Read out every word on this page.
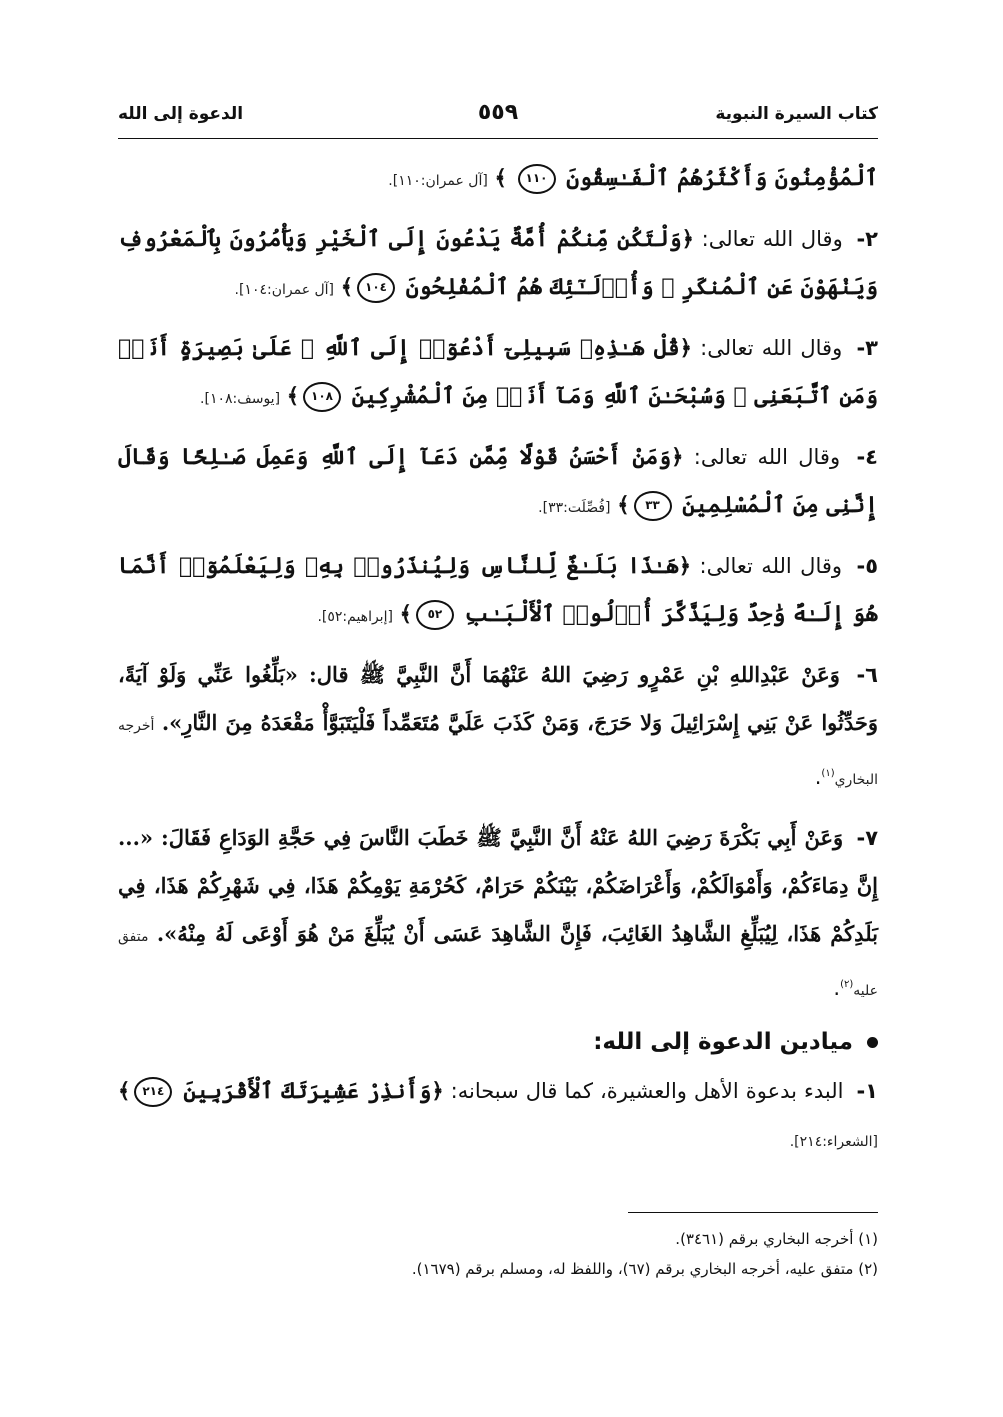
كتاب السيرة النبوية
٥٥٩
الدعوة إلى الله

ٱلْمُؤْمِنُونَ وَأَكْثَرُهُمُ ٱلْفَـٰسِقُونَ ١١٠ ﴾ [آل عمران:١١٠].

٢- وقال الله تعالى: ﴿وَلْتَكُن مِّنكُمْ أُمَّةٌ يَدْعُونَ إِلَى ٱلْخَيْرِ وَيَأْمُرُونَ بِٱلْمَعْرُوفِ وَيَنْهَوْنَ عَنِ ٱلْمُنكَرِ ۚ وَأُو۟لَـٰٓئِكَ هُمُ ٱلْمُفْلِحُونَ ١٠٤﴾ [آل عمران:١٠٤].

٣- وقال الله تعالى: ﴿قُلْ هَـٰذِهِۦ سَبِيلِىٓ أَدْعُوٓا۟ إِلَى ٱللَّهِ ۚ عَلَىٰ بَصِيرَةٍ أَنَا۠ وَمَنِ ٱتَّبَعَنِى ۖ وَسُبْحَـٰنَ ٱللَّهِ وَمَآ أَنَا۠ مِنَ ٱلْمُشْرِكِينَ ١٠٨﴾ [يوسف:١٠٨].

٤- وقال الله تعالى: ﴿وَمَنْ أَحْسَنُ قَوْلًا مِّمَّن دَعَآ إِلَى ٱللَّهِ وَعَمِلَ صَـٰلِحًا وَقَالَ إِنَّنِى مِنَ ٱلْمُسْلِمِينَ ٣٣﴾ [فُصِّلَت:٣٣].

٥- وقال الله تعالى: ﴿هَـٰذَا بَلَـٰغٌ لِّلنَّاسِ وَلِيُنذَرُوا۟ بِهِۦ وَلِيَعْلَمُوٓا۟ أَنَّمَا هُوَ إِلَـٰهٌ وَٰحِدٌ وَلِيَذَّكَّرَ أُو۟لُوا۟ ٱلْأَلْبَـٰبِ ٥٢﴾ [إبراهيم:٥٢].

٦- وَعَنْ عَبْدِاللهِ بْنِ عَمْرٍو رَضِيَ اللهُ عَنْهُمَا أَنَّ النَّبِيَّ ﷺ قال: «بَلِّغُوا عَنِّي وَلَوْ آيَةً، وَحَدِّثُوا عَنْ بَنِي إِسْرَائِيلَ وَلا حَرَجَ، وَمَنْ كَذَبَ عَلَيَّ مُتَعَمِّداً فَلْيَتَبَوَّأْ مَقْعَدَهُ مِنَ النَّارِ». أخرجه البخاري$^{(١)}$.

٧- وَعَنْ أَبِي بَكْرَةَ رَضِيَ اللهُ عَنْهُ أَنَّ النَّبِيَّ ﷺ خَطَبَ النَّاسَ فِي حَجَّةِ الوَدَاعِ فَقَالَ: «... إِنَّ دِمَاءَكُمْ، وَأَمْوَالَكُمْ، وَأَعْرَاضَكُمْ، بَيْنَكُمْ حَرَامٌ، كَحُرْمَةِ يَوْمِكُمْ هَذَا، فِي شَهْرِكُمْ هَذَا، فِي بَلَدِكُمْ هَذَا، لِيُبَلِّغِ الشَّاهِدُ الغَائِبَ، فَإِنَّ الشَّاهِدَ عَسَى أَنْ يُبَلِّغَ مَنْ هُوَ أَوْعَى لَهُ مِنْهُ». متفق عليه$^{(٢)}$.

ميادين الدعوة إلى الله:

١- البدء بدعوة الأهل والعشيرة، كما قال سبحانه: ﴿وَأَنذِرْ عَشِيرَتَكَ ٱلْأَقْرَبِينَ ٢١٤﴾ [الشعراء:٢١٤].

(١) أخرجه البخاري برقم (٣٤٦١).
(٢) متفق عليه، أخرجه البخاري برقم (٦٧)، واللفظ له، ومسلم برقم (١٦٧٩).
